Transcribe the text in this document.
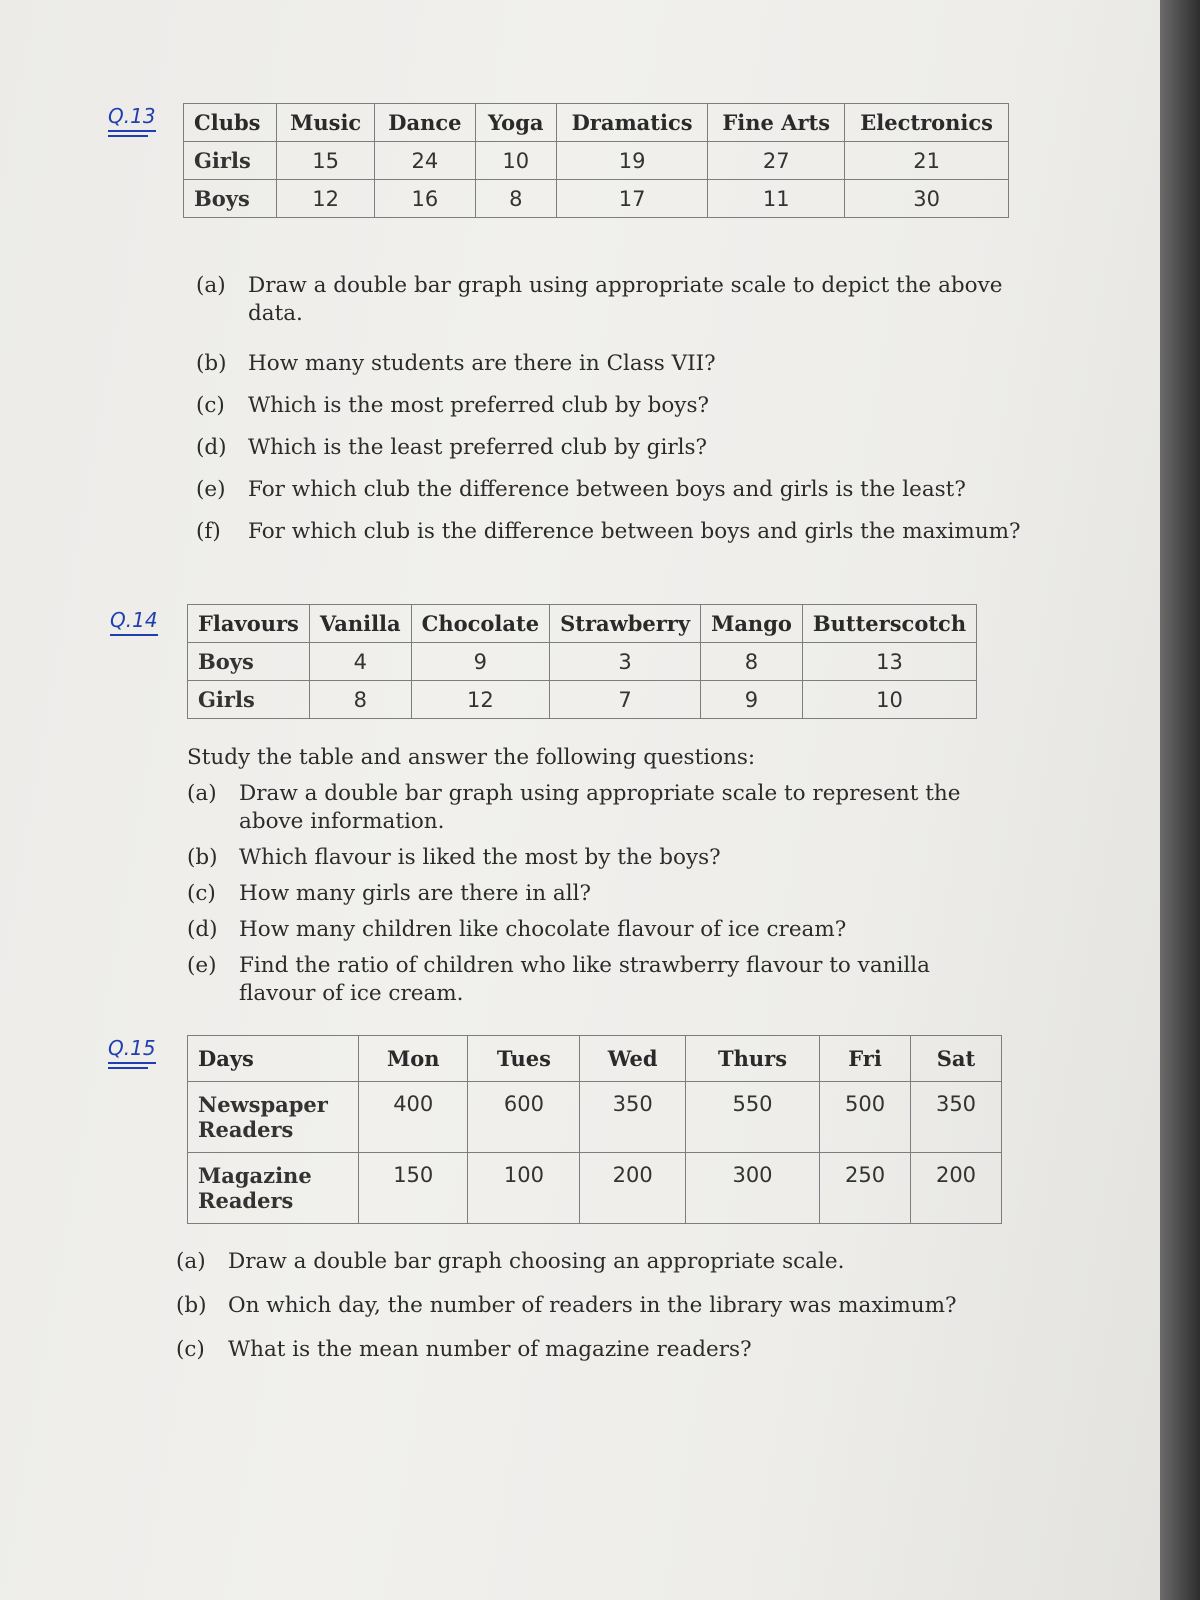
Q.13 Clubs	Music	Dance	Yoga	Dramatics	Fine Arts	Electronics
Girls	15	24	10	19	27	21
Boys	12	16	8	17	11	30
(a)	Draw a double bar graph using appropriate scale to depict the above data.
(b) How many students are there in Class VII?
(c)	Which is the most preferred club by boys?
(d) Which is the least preferred club by girls?
(e)	For which club the difference between boys and girls is the least?
(f)	For which club is the difference between boys and girls the maximum?
Q.14 Flavours	Vanilla	Chocolate	Strawberry	Mango	Butterscotch
Boys	4	9	3	8	13
Girls	8	12	7	9	10
Study the table and answer the following questions:
(a)	Draw a double bar graph using appropriate scale to represent the above information.
(b) Which flavour is liked the most by the boys?
(c)	How many girls are there in all?
(d) How many children like chocolate flavour of ice cream?
(e)	Find the ratio of children who like strawberry flavour to vanilla flavour of ice cream.
Q.15 Days	Mon	Tues	Wed	Thurs	Fri	Sat
Newspaper Readers	400	600	350	550	500	350
Magazine Readers	150	100	200	300	250	200
(a)	Draw a double bar graph choosing an appropriate scale.
(b) On which day, the number of readers in the library was maximum?
(c)	What is the mean number of magazine readers?
